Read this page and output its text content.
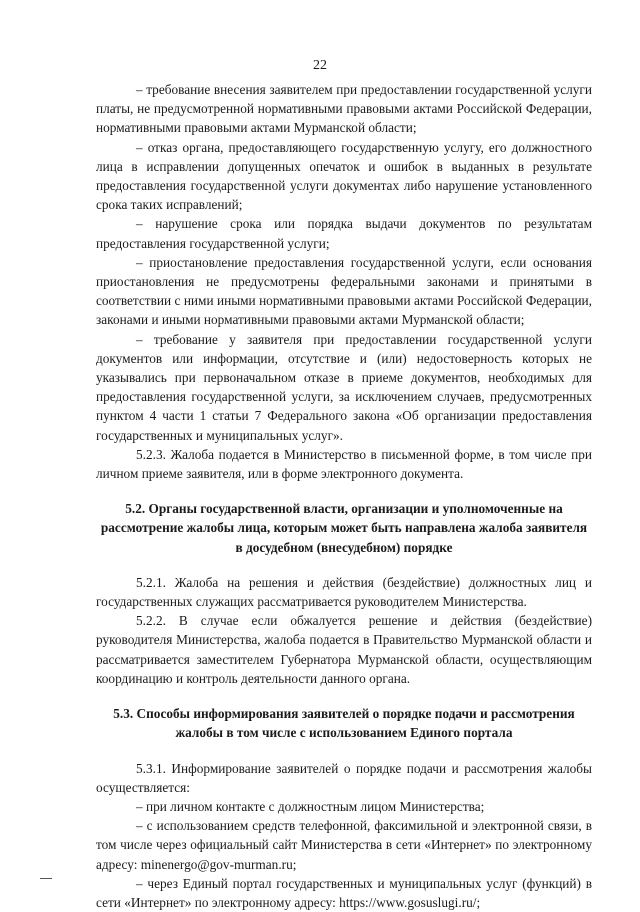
22

– требование внесения заявителем при предоставлении государственной услуги платы, не предусмотренной нормативными правовыми актами Российской Федерации, нормативными правовыми актами Мурманской области;

– отказ органа, предоставляющего государственную услугу, его должностного лица в исправлении допущенных опечаток и ошибок в выданных в результате предоставления государственной услуги документах либо нарушение установленного срока таких исправлений;

– нарушение срока или порядка выдачи документов по результатам предоставления государственной услуги;

– приостановление предоставления государственной услуги, если основания приостановления не предусмотрены федеральными законами и принятыми в соответствии с ними иными нормативными правовыми актами Российской Федерации, законами и иными нормативными правовыми актами Мурманской области;

– требование у заявителя при предоставлении государственной услуги документов или информации, отсутствие и (или) недостоверность которых не указывались при первоначальном отказе в приеме документов, необходимых для предоставления государственной услуги, за исключением случаев, предусмотренных пунктом 4 части 1 статьи 7 Федерального закона «Об организации предоставления государственных и муниципальных услуг».

5.2.3. Жалоба подается в Министерство в письменной форме, в том числе при личном приеме заявителя, или в форме электронного документа.

5.2. Органы государственной власти, организации и уполномоченные на рассмотрение жалобы лица, которым может быть направлена жалоба заявителя в досудебном (внесудебном) порядке

5.2.1. Жалоба на решения и действия (бездействие) должностных лиц и государственных служащих рассматривается руководителем Министерства.

5.2.2. В случае если обжалуется решение и действия (бездействие) руководителя Министерства, жалоба подается в Правительство Мурманской области и рассматривается заместителем Губернатора Мурманской области, осуществляющим координацию и контроль деятельности данного органа.

5.3. Способы информирования заявителей о порядке подачи и рассмотрения жалобы в том числе с использованием Единого портала

5.3.1. Информирование заявителей о порядке подачи и рассмотрения жалобы осуществляется:

– при личном контакте с должностным лицом Министерства;

– с использованием средств телефонной, факсимильной и электронной связи, в том числе через официальный сайт Министерства в сети «Интернет» по электронному адресу: minenergo@gov-murman.ru;

– через Единый портал государственных и муниципальных услуг (функций) в сети «Интернет» по электронному адресу: https://www.gosuslugi.ru/;
